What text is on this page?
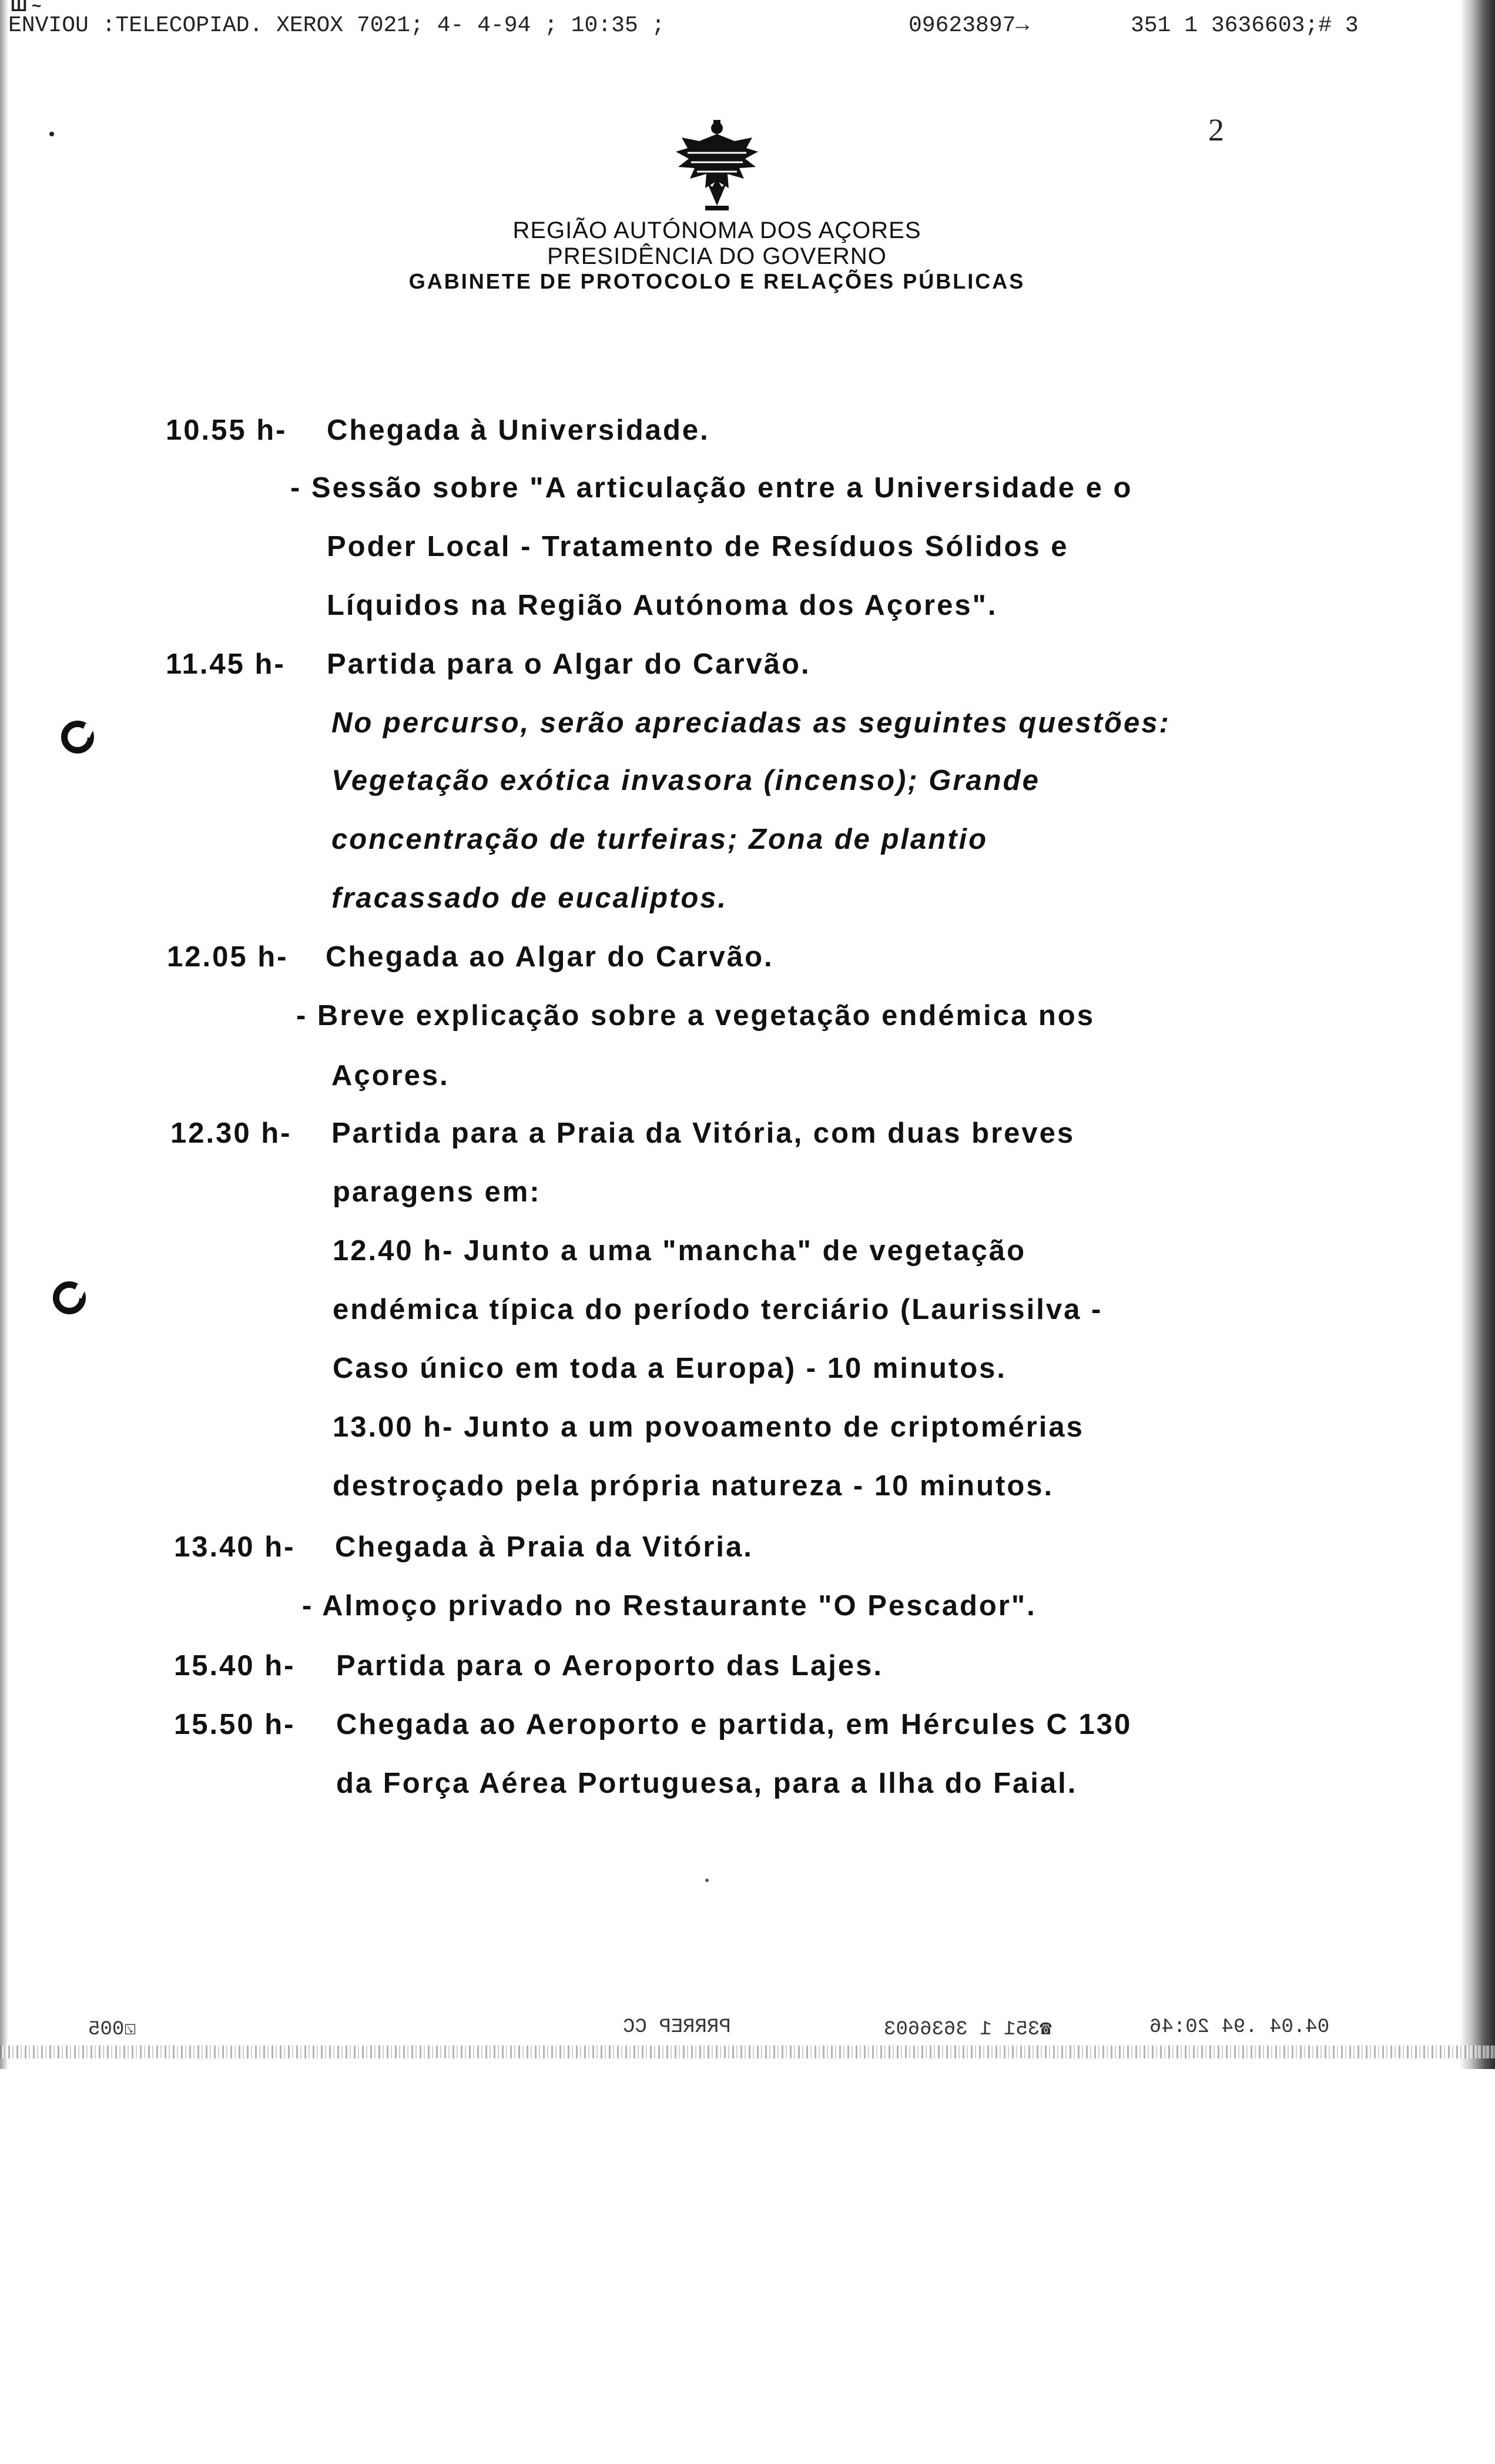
Ш ~
ENVIOU :TELECOPIAD. XEROX 7021; 4- 4-94 ; 10:35 ;	09623897→	351 1 3636603;# 3
2
REGIÃO AUTÓNOMA DOS AÇORES
PRESIDÊNCIA DO GOVERNO
GABINETE DE PROTOCOLO E RELAÇÕES PÚBLICAS
10.55 h- Chegada à Universidade.
- Sessão sobre "A articulação entre a Universidade e o
Poder Local - Tratamento de Resíduos Sólidos e
Líquidos na Região Autónoma dos Açores".
11.45 h- Partida para o Algar do Carvão.
No percurso, serão apreciadas as seguintes questões:
Vegetação exótica invasora (incenso); Grande
concentração de turfeiras; Zona de plantio
fracassado de eucaliptos.
12.05 h- Chegada ao Algar do Carvão.
- Breve explicação sobre a vegetação endémica nos
Açores.
12.30 h- Partida para a Praia da Vitória, com duas breves
paragens em:
12.40 h- Junto a uma "mancha" de vegetação
endémica típica do período terciário (Laurissilva -
Caso único em toda a Europa) - 10 minutos.
13.00 h- Junto a um povoamento de criptomérias
destroçado pela própria natureza - 10 minutos.
13.40 h- Chegada à Praia da Vitória.
- Almoço privado no Restaurante "O Pescador".
15.40 h- Partida para o Aeroporto das Lajes.
15.50 h- Chegada ao Aeroporto e partida, em Hércules C 130
da Força Aérea Portuguesa, para a Ilha do Faial.
☑005	PRRREP CC	☎351 1 3636603	04.04 .94 20:46
